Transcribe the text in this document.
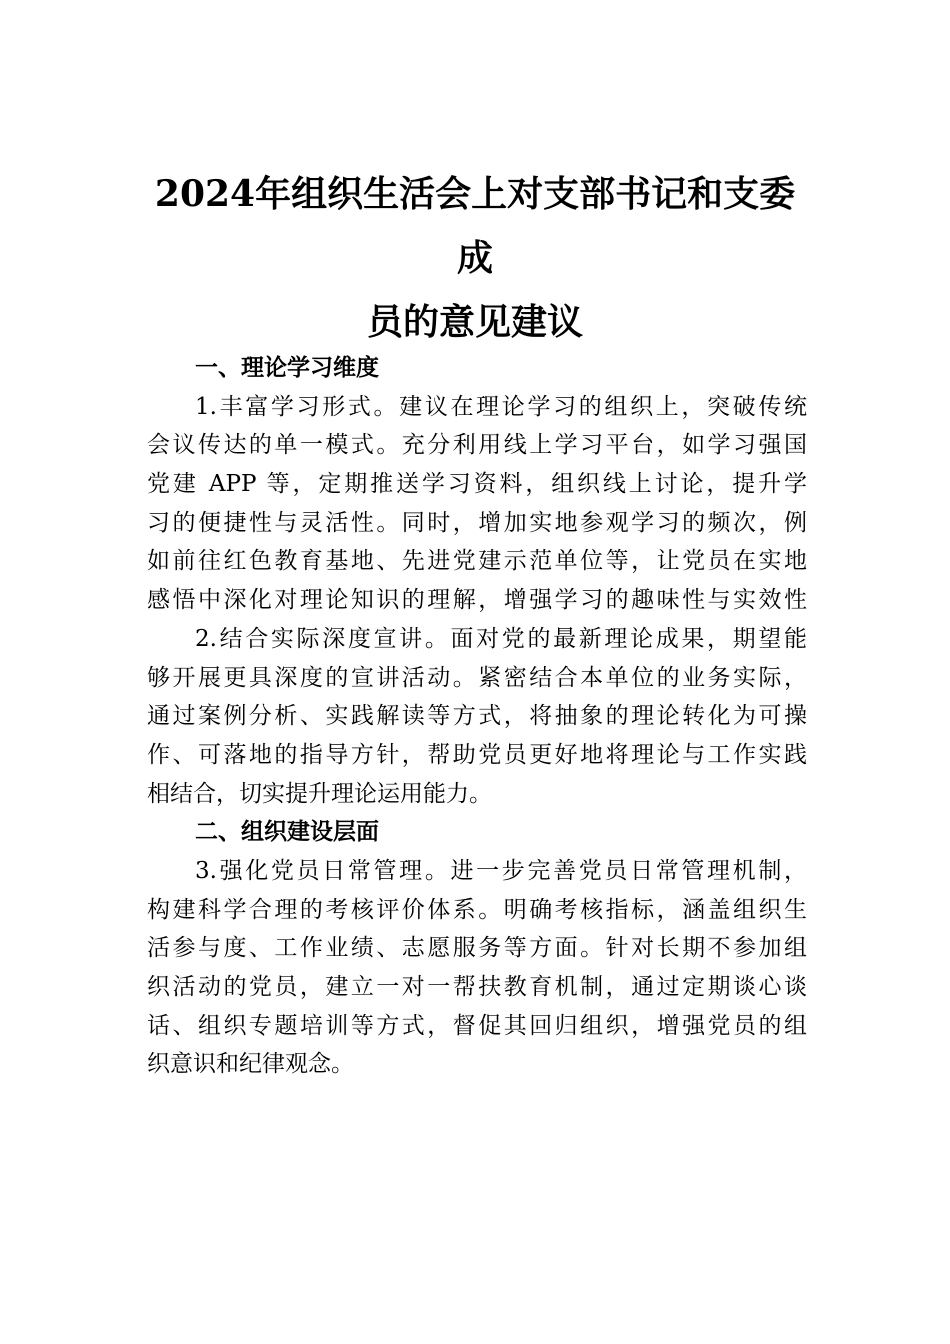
2024年组织生活会上对支部书记和支委成
员的意见建议
一、理论学习维度
1.丰富学习形式。建议在理论学习的组织上，突破传统
会议传达的单一模式。充分利用线上学习平台，如学习强国
党建 APP 等，定期推送学习资料，组织线上讨论，提升学
习的便捷性与灵活性。同时，增加实地参观学习的频次，例
如前往红色教育基地、先进党建示范单位等，让党员在实地
感悟中深化对理论知识的理解，增强学习的趣味性与实效性
2.结合实际深度宣讲。面对党的最新理论成果，期望能
够开展更具深度的宣讲活动。紧密结合本单位的业务实际，
通过案例分析、实践解读等方式，将抽象的理论转化为可操
作、可落地的指导方针，帮助党员更好地将理论与工作实践
相结合，切实提升理论运用能力。
二、组织建设层面
3.强化党员日常管理。进一步完善党员日常管理机制，
构建科学合理的考核评价体系。明确考核指标，涵盖组织生
活参与度、工作业绩、志愿服务等方面。针对长期不参加组
织活动的党员，建立一对一帮扶教育机制，通过定期谈心谈
话、组织专题培训等方式，督促其回归组织，增强党员的组
织意识和纪律观念。
